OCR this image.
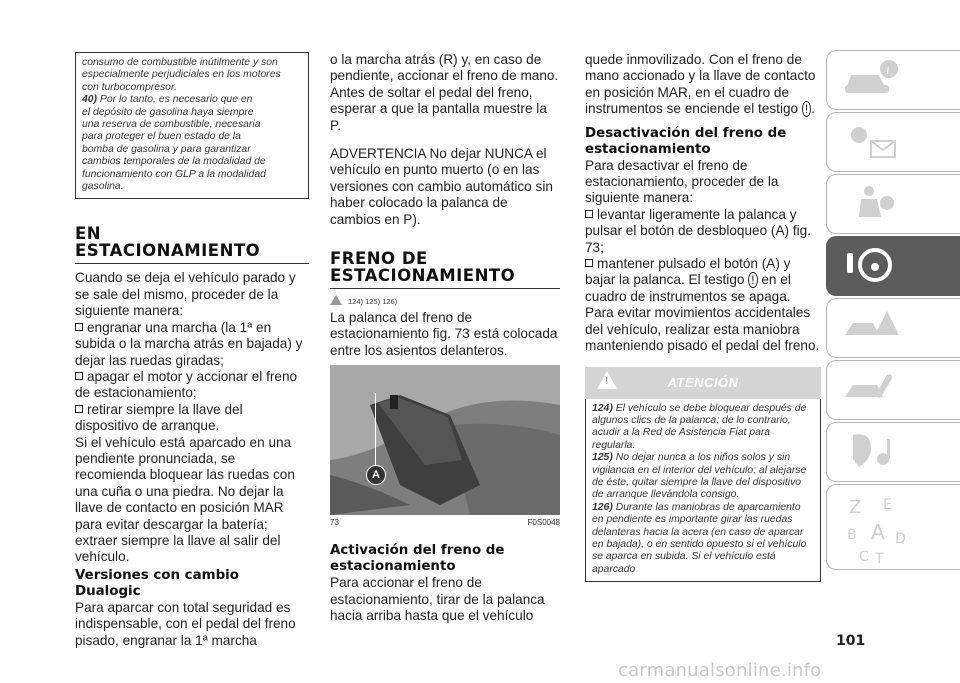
consumo de combustible inútilmente y son
especialmente perjudiciales en los motores
con turbocompresor.
40) Por lo tanto, es necesario que en
el depósito de gasolina haya siempre
una reserva de combustible, necesaria
para proteger el buen estado de la
bomba de gasolina y para garantizar
cambios temporales de la modalidad de
funcionamiento con GLP a la modalidad
gasolina.
EN
ESTACIONAMIENTO

Cuando se deja el vehículo parado y se sale del mismo, proceder de la siguiente manera:

engranar una marcha (la 1ª en subida o la marcha atrás en bajada) y dejar las ruedas giradas;

apagar el motor y accionar el freno de estacionamiento;

retirar siempre la llave del dispositivo de arranque.

Si el vehículo está aparcado en una pendiente pronunciada, se recomienda bloquear las ruedas con una cuña o una piedra. No dejar la llave de contacto en posición MAR para evitar descargar la batería; extraer siempre la llave al salir del vehículo.

Versiones con cambio Dualogic

Para aparcar con total seguridad es indispensable, con el pedal del freno pisado, engranar la 1ª marcha

o la marcha atrás (R) y, en caso de pendiente, accionar el freno de mano. Antes de soltar el pedal del freno, esperar a que la pantalla muestre la P.

ADVERTENCIA No dejar NUNCA el vehículo en punto muerto (o en las versiones con cambio automático sin haber colocado la palanca de cambios en P).

FRENO DE
ESTACIONAMIENTO
124) 125) 126)
La palanca del freno de estacionamiento fig. 73 está colocada entre los asientos delanteros.
A
73	F0S0048
Activación del freno de estacionamiento
Para accionar el freno de estacionamiento, tirar de la palanca hacia arriba hasta que el vehículo

quede inmovilizado. Con el freno de mano accionado y la llave de contacto en posición MAR, en el cuadro de instrumentos se enciende el testigo ! .

Desactivación del freno de estacionamiento

Para desactivar el freno de estacionamiento, proceder de la siguiente manera:

levantar ligeramente la palanca y pulsar el botón de desbloqueo (A) fig. 73;

mantener pulsado el botón (A) y bajar la palanca. El testigo ! en el cuadro de instrumentos se apaga.

Para evitar movimientos accidentales del vehículo, realizar esta maniobra manteniendo pisado el pedal del freno.

!	ATENCIÓN
124) El vehículo se debe bloquear después de algunos clics de la palanca; de lo contrario, acudir a la Red de Asistencia Fiat para regularla.
125) No dejar nunca a los niños solos y sin vigilancia en el interior del vehículo; al alejarse de éste, quitar siempre la llave del dispositivo de arranque llevándola consigo.
126) Durante las maniobras de aparcamiento en pendiente es importante girar las ruedas delanteras hacia la acera (en caso de aparcar en bajada), o en sentido opuesto si el vehículo se aparca en subida. Si el vehículo está aparcado
i
Z E
B A D
C T
101
carmanualsonline.info
